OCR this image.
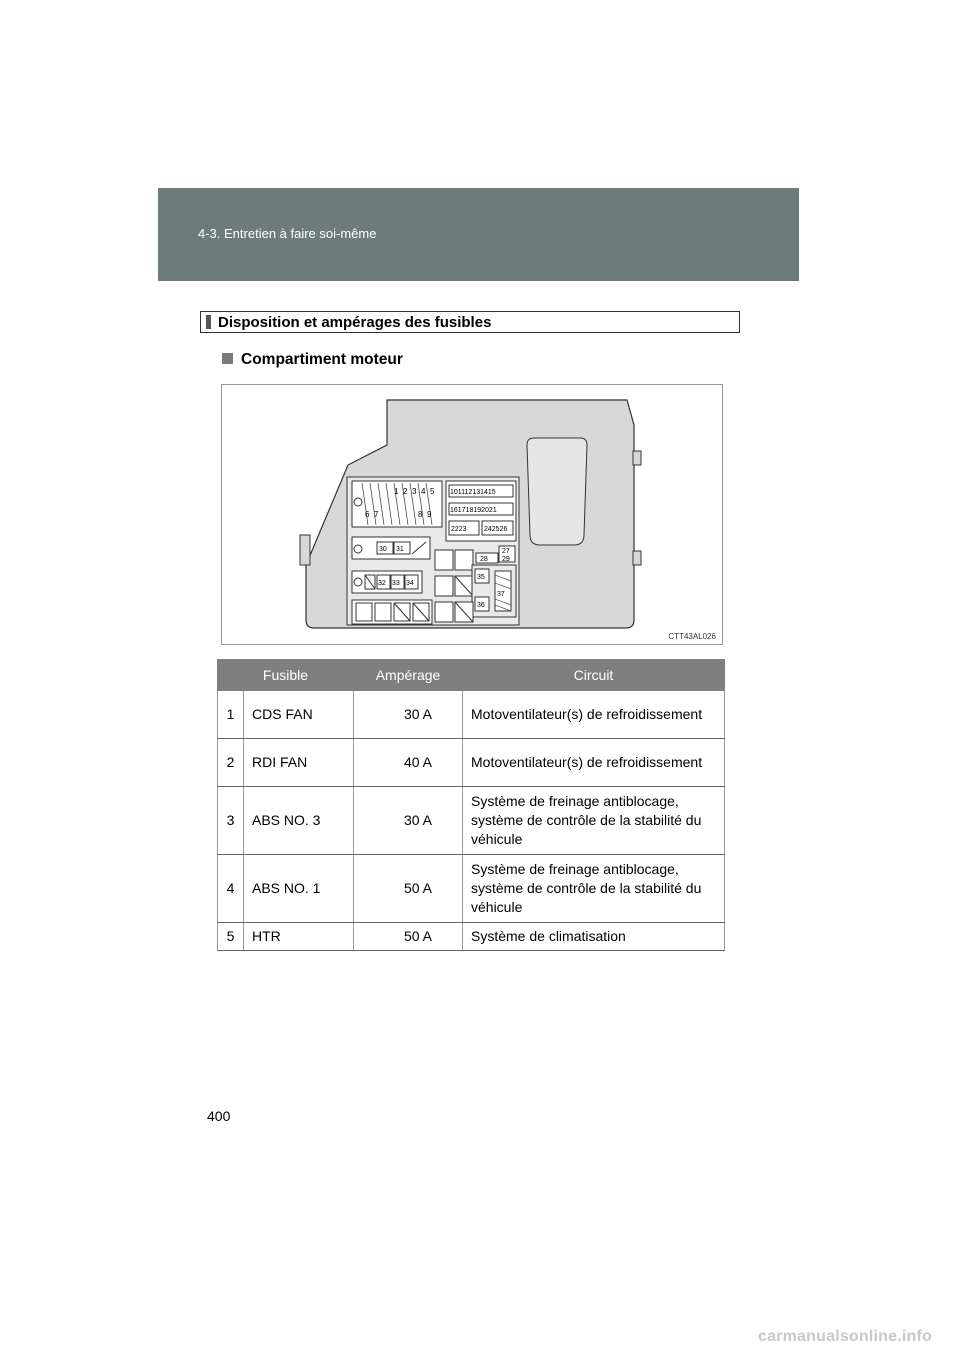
4-3. Entretien à faire soi-même
Disposition et ampérages des fusibles
Compartiment moteur
1 2 3 4 5
6 7	8 9
101112131415
161718192021
2223 242526
27
28 29
30 31
32 33 34
35
36
37
CTT43AL026
Fusible		Ampérage	Circuit
1	CDS FAN	30 A	Motoventilateur(s) de refroidissement
2	RDI FAN	40 A	Motoventilateur(s) de refroidissement
3	ABS NO. 3	30 A	Système de freinage antiblocage, système de contrôle de la stabilité du véhicule
4	ABS NO. 1	50 A	Système de freinage antiblocage, système de contrôle de la stabilité du véhicule
5	HTR	50 A	Système de climatisation
400
carmanualsonline.info
